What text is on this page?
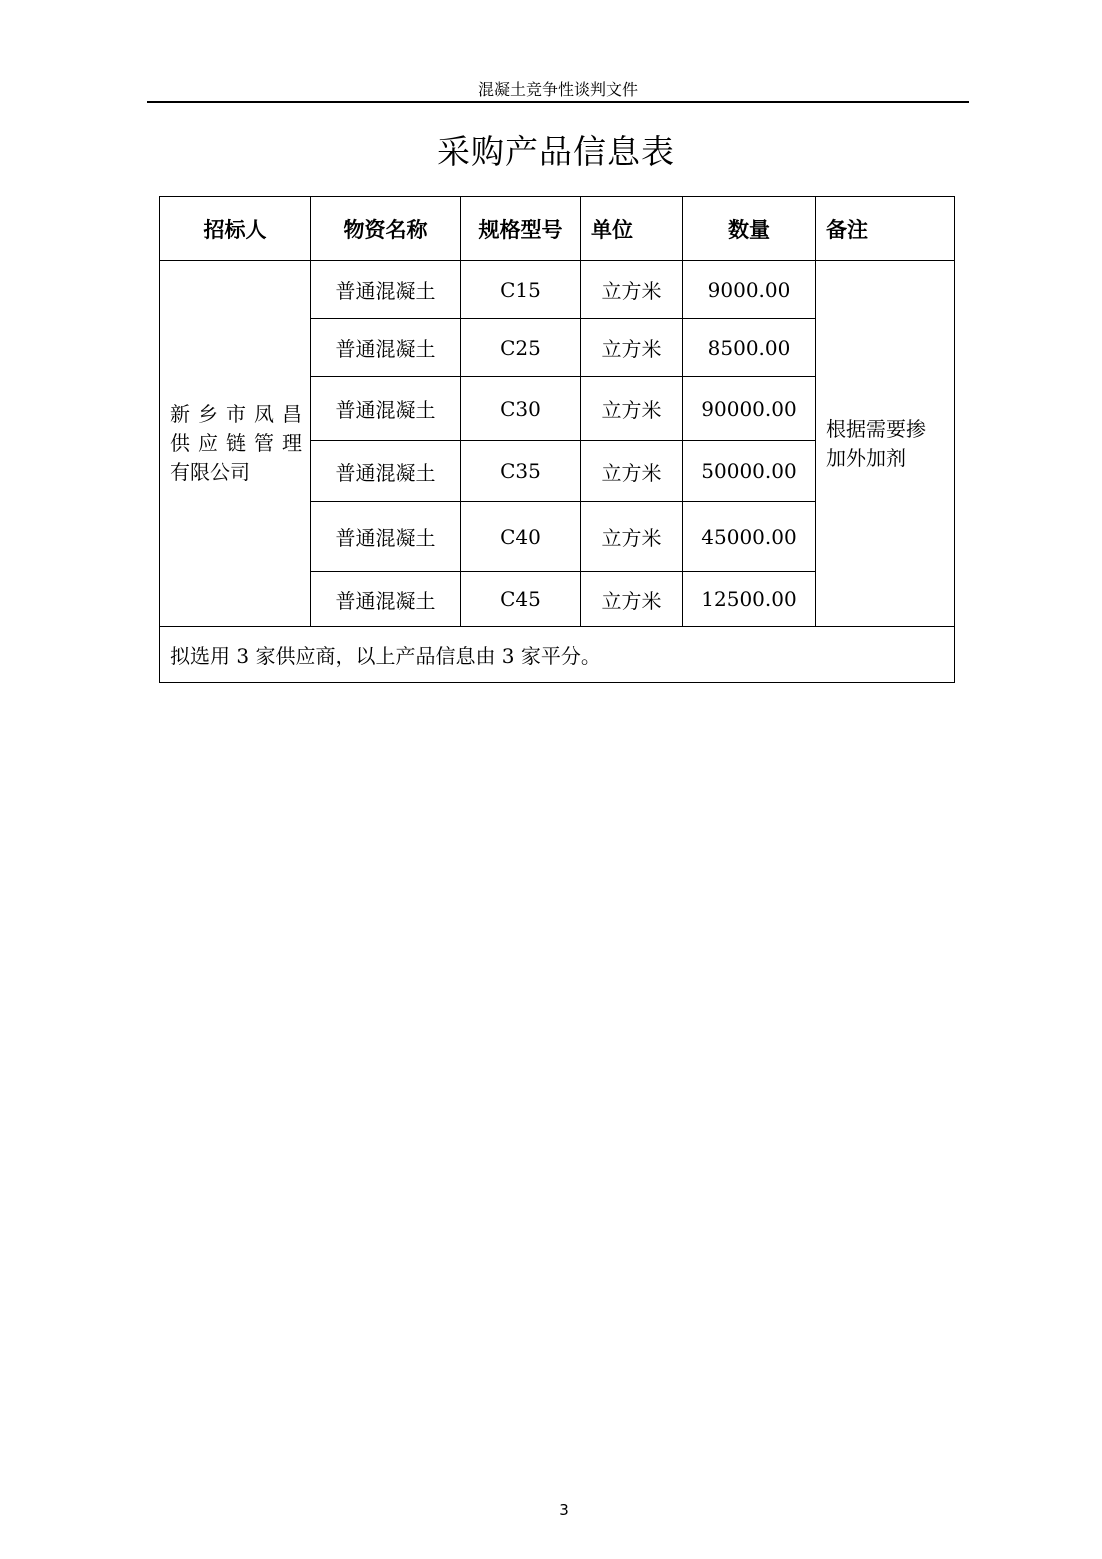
混凝土竞争性谈判文件
采购产品信息表
招标人	物资名称	规格型号	单位	数量	备注

新乡市凤昌
供应链管理
有限公司	普通混凝土	C15	立方米	9000.00	根据需要掺
加外加剂
	普通混凝土	C25	立方米	8500.00	
	普通混凝土	C30	立方米	90000.00	
	普通混凝土	C35	立方米	50000.00	
	普通混凝土	C40	立方米	45000.00	
	普通混凝土	C45	立方米	12500.00	
拟选用 3 家供应商，以上产品信息由 3 家平分。					
3
